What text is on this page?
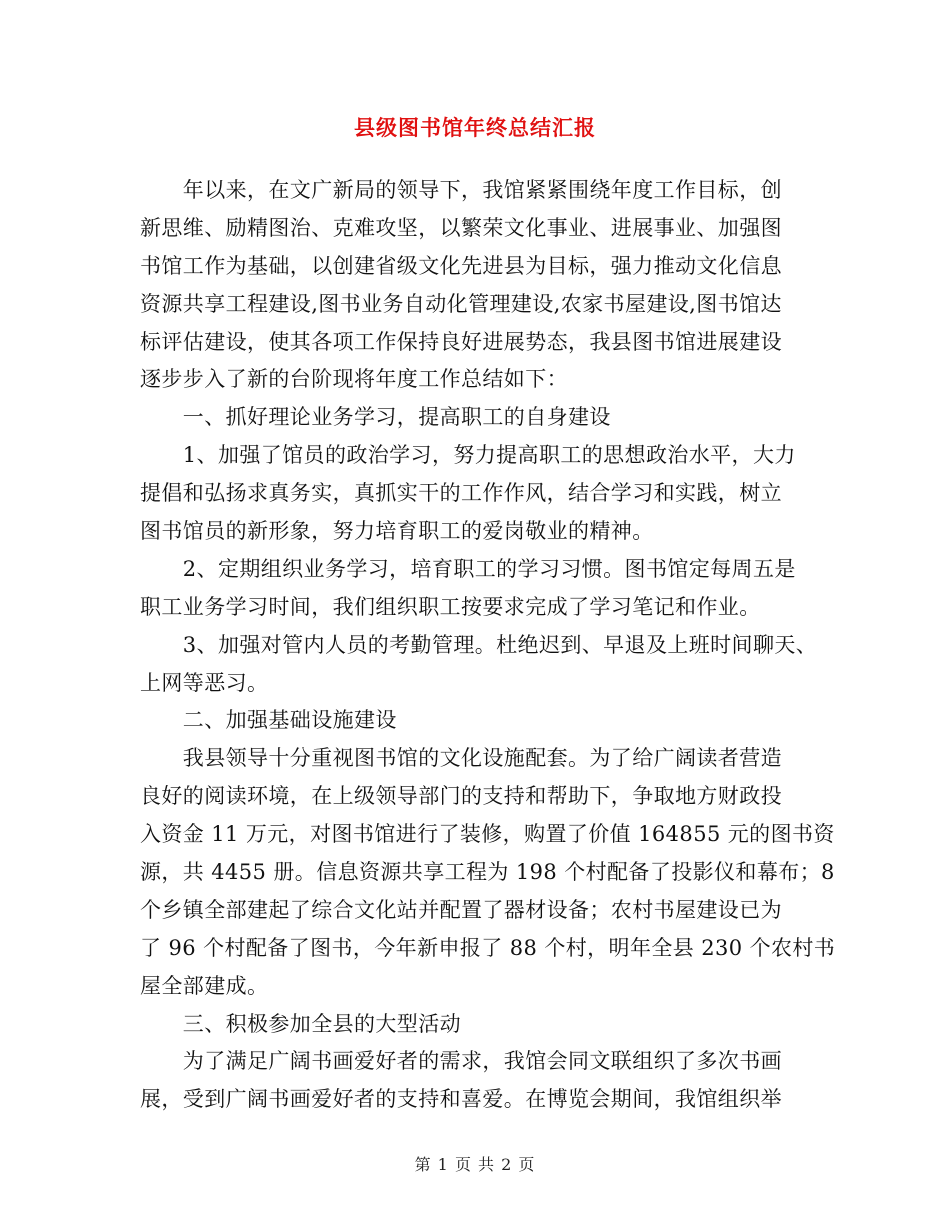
县级图书馆年终总结汇报
　　年以来，在文广新局的领导下，我馆紧紧围绕年度工作目标，创
新思维、励精图治、克难攻坚，以繁荣文化事业、进展事业、加强图
书馆工作为基础，以创建省级文化先进县为目标，强力推动文化信息
资源共享工程建设,图书业务自动化管理建设,农家书屋建设,图书馆达
标评估建设，使其各项工作保持良好进展势态，我县图书馆进展建设
逐步步入了新的台阶现将年度工作总结如下：
　　一、抓好理论业务学习，提高职工的自身建设
　　1、加强了馆员的政治学习，努力提高职工的思想政治水平，大力
提倡和弘扬求真务实，真抓实干的工作作风，结合学习和实践，树立
图书馆员的新形象，努力培育职工的爱岗敬业的精神。
　　2、定期组织业务学习，培育职工的学习习惯。图书馆定每周五是
职工业务学习时间，我们组织职工按要求完成了学习笔记和作业。
　　3、加强对管内人员的考勤管理。杜绝迟到、早退及上班时间聊天、
上网等恶习。
　　二、加强基础设施建设
　　我县领导十分重视图书馆的文化设施配套。为了给广阔读者营造
良好的阅读环境，在上级领导部门的支持和帮助下，争取地方财政投
入资金 11 万元，对图书馆进行了装修，购置了价值 164855 元的图书资
源，共 4455 册。信息资源共享工程为 198 个村配备了投影仪和幕布；8
个乡镇全部建起了综合文化站并配置了器材设备；农村书屋建设已为
了 96 个村配备了图书，今年新申报了 88 个村，明年全县 230 个农村书
屋全部建成。
　　三、积极参加全县的大型活动
　　为了满足广阔书画爱好者的需求，我馆会同文联组织了多次书画
展，受到广阔书画爱好者的支持和喜爱。在博览会期间，我馆组织举
第 1 页 共 2 页
